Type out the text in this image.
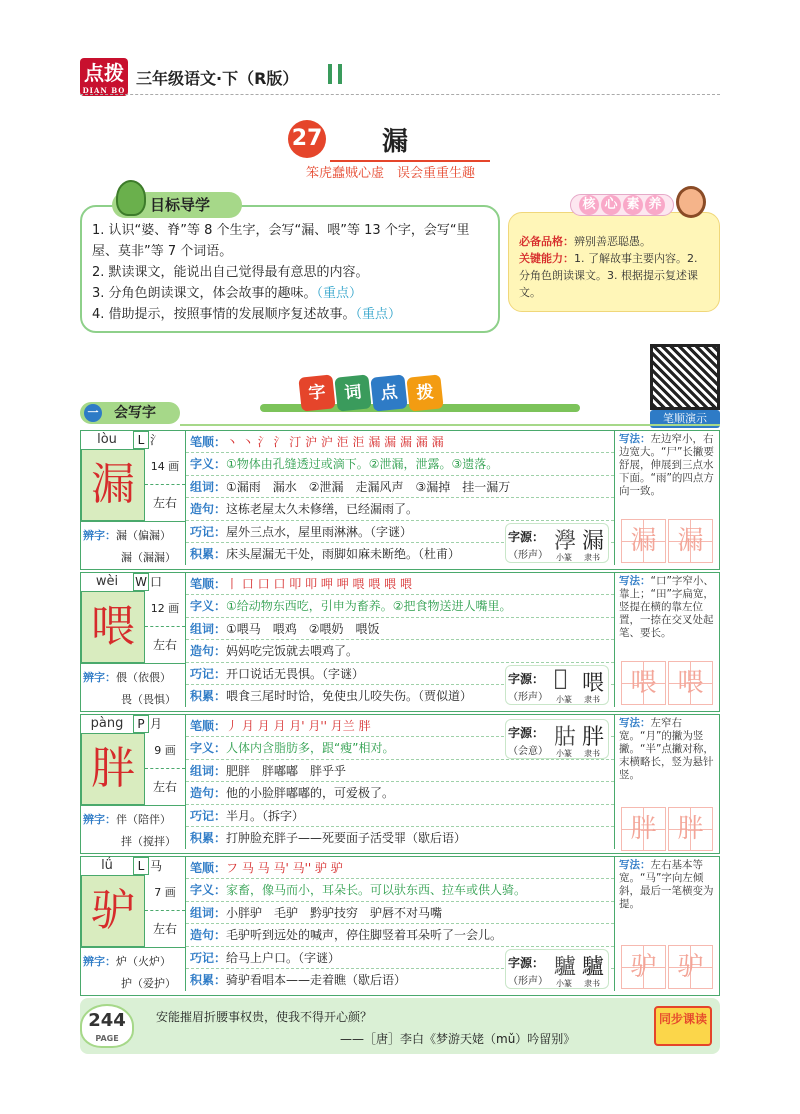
点拨
DIAN BO
三年级语文·下（R版）
27 漏
笨虎蠢贼心虚　误会重重生趣
目标导学
1. 认识“婆、脊”等 8 个生字，会写“漏、喂”等 13 个字，会写“里屋、莫非”等 7 个词语。
2. 默读课文，能说出自己觉得最有意思的内容。
3. 分角色朗读课文，体会故事的趣味。（重点）
4. 借助提示，按照事情的发展顺序复述故事。（重点）
必备品格：辨别善恶聪愚。
关键能力：1. 了解故事主要内容。2. 分角色朗读课文。3. 根据提示复述课文。
核 心 素 养
笔顺演示
字 词 点 拨
一 会写字
lòu	L 氵
漏	14 画
左右
辨字：漏（偏漏）
漏（漏漏）
笔顺：丶 丶 氵 氵 汀 沪 沪 洰 洰 漏 漏 漏 漏 漏
字义：①物体由孔缝透过或滴下。②泄漏，泄露。③遗落。
组词：①漏雨　漏水　②泄漏　走漏风声　③漏掉　挂一漏万
造句：这栋老屋太久未修缮，已经漏雨了。
巧记：屋外三点水，屋里雨淋淋。（字谜）
积累：床头屋漏无干处，雨脚如麻未断绝。（杜甫）
字源：
（形声）
㶅 漏
小篆 隶书
写法：左边窄小，右边宽大。“尸”长撇要舒展，伸展到三点水下面。“雨”的四点方向一致。
漏 漏
wèi	W 口
喂	12 画
左右
辨字：偎（依偎）
畏（畏惧）
笔顺：丨 口 口 口 叩 叩 呷 呷 喂 喂 喂 喂
字义：①给动物东西吃，引申为畜养。②把食物送进人嘴里。
组词：①喂马　喂鸡　②喂奶　喂饭
造句：妈妈吃完饭就去喂鸡了。
巧记：开口说话无畏惧。（字谜）
积累：喂食三尾时时饸，免使虫儿咬失伤。（贾似道）
字源：
（形声）
𠸗 喂
小篆 隶书
写法：“口”字窄小、靠上；“田”字扁宽，竖提在横的靠左位置，一捺在交叉处起笔、要长。
喂 喂
pàng	P 月
胖	9 画
左右
辨字：伴（陪伴）
拌（搅拌）
笔顺：丿 月 月 月 月' 月'' 月兰 胖
字义：人体内含脂肪多，跟“瘦”相对。
组词：肥胖　胖嘟嘟　胖乎乎
造句：他的小脸胖嘟嘟的，可爱极了。
巧记：半月。（拆字）
积累：打肿脸充胖子——死要面子活受罪（歇后语）
字源：
（会意）
𦙶 胖
小篆 隶书
写法：左窄右宽。“月”的撇为竖撇。“半”点撇对称，末横略长，竖为悬针竖。
胖 胖
lǘ	L 马
驴	7 画
左右
辨字：炉（火炉）
护（爱护）
笔顺：フ 马 马 马' 马'' 驴 驴
字义：家畜，像马而小，耳朵长。可以驮东西、拉车或供人骑。
组词：小胖驴　毛驴　黔驴技穷　驴唇不对马嘴
造句：毛驴听到远处的喊声，停住脚竖着耳朵听了一会儿。
巧记：给马上户口。（字谜）
积累：骑驴看唱本——走着瞧（歇后语）
字源：
（形声）
驢 驢
小篆 隶书
写法：左右基本等宽。“马”字向左倾斜，最后一笔横变为提。
驴 驴
244
PAGE
安能摧眉折腰事权贵，使我不得开心颜？
——［唐］李白《梦游天姥（mǔ）吟留别》
同步课读
